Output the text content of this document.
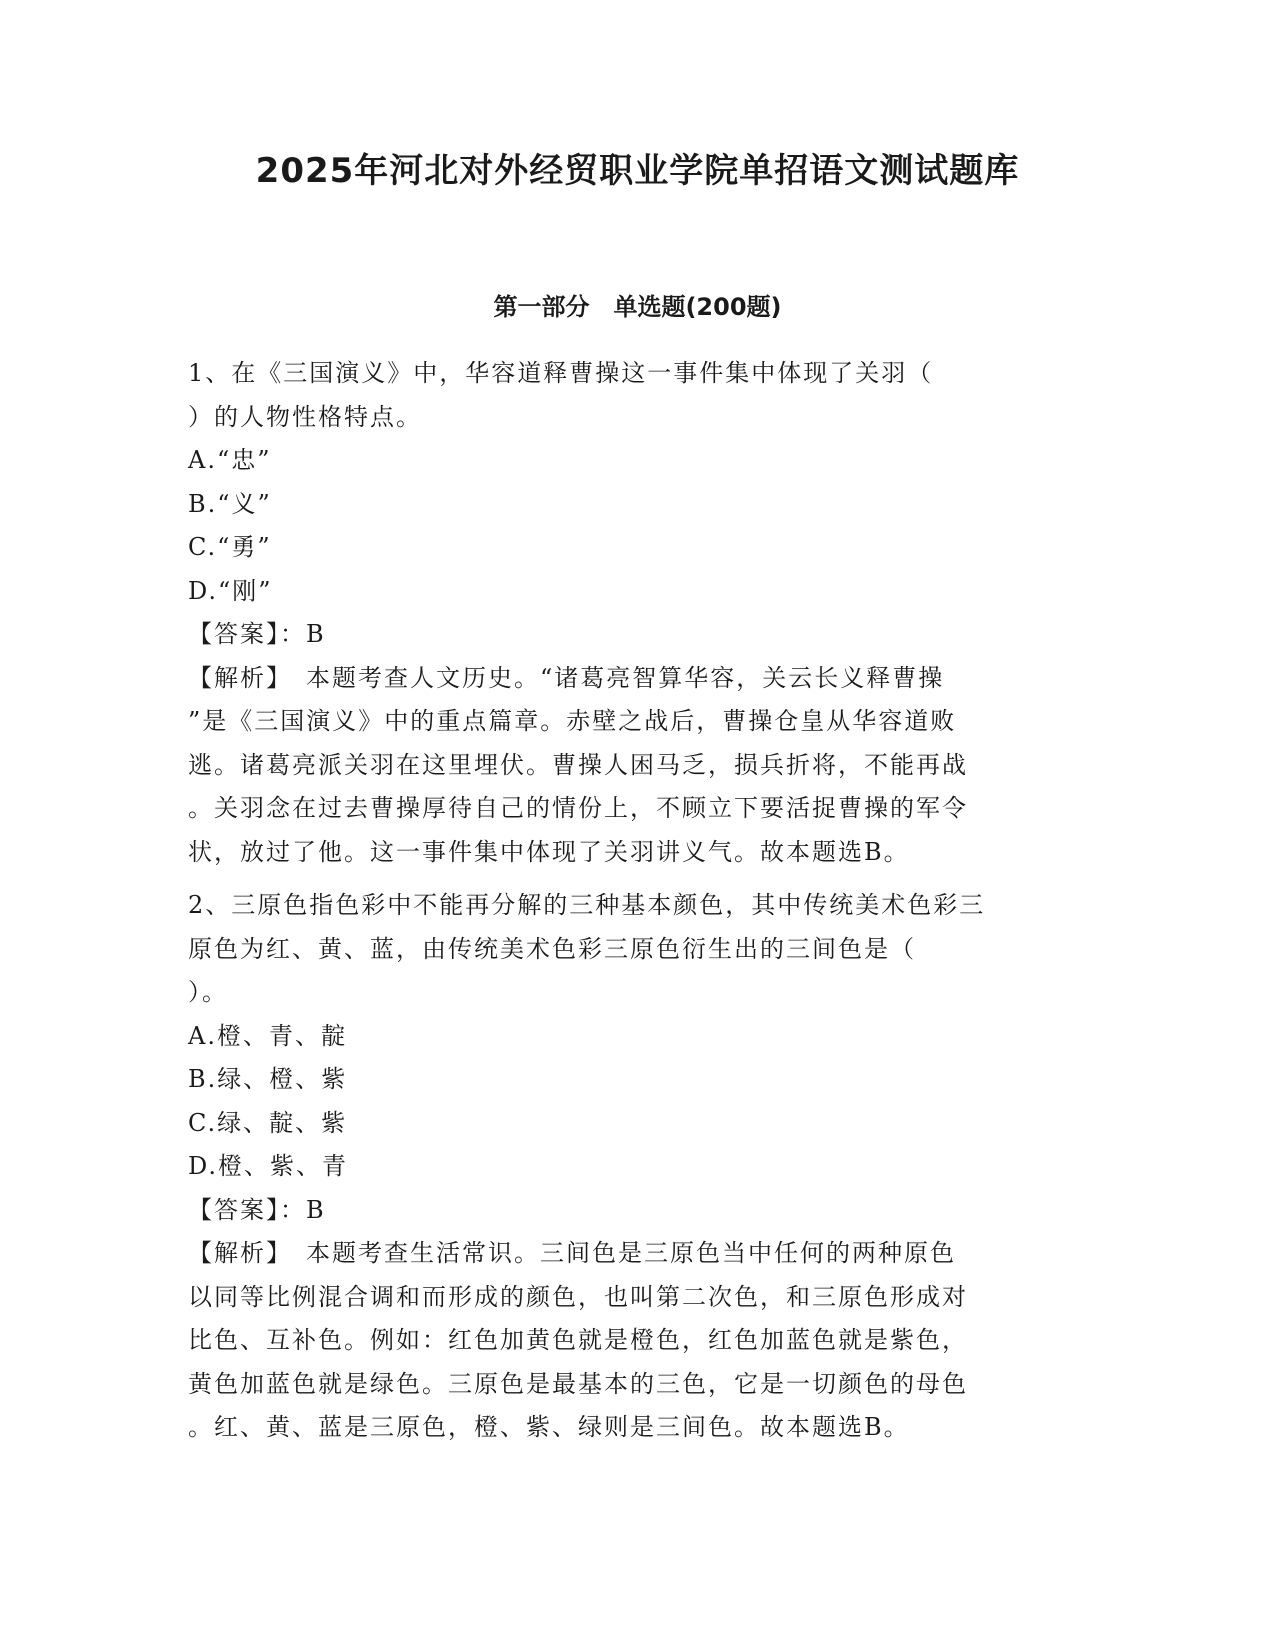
2025年河北对外经贸职业学院单招语文测试题库
第一部分　单选题(200题)
1、在《三国演义》中，华容道释曹操这一事件集中体现了关羽（
）的人物性格特点。
A.“忠”
B.“义”
C.“勇”
D.“刚”
【答案】：B
【解析】　本题考查人文历史。“诸葛亮智算华容，关云长义释曹操
”是《三国演义》中的重点篇章。赤壁之战后，曹操仓皇从华容道败
逃。诸葛亮派关羽在这里埋伏。曹操人困马乏，损兵折将，不能再战
。关羽念在过去曹操厚待自己的情份上，不顾立下要活捉曹操的军令
状，放过了他。这一事件集中体现了关羽讲义气。故本题选B。
2、三原色指色彩中不能再分解的三种基本颜色，其中传统美术色彩三
原色为红、黄、蓝，由传统美术色彩三原色衍生出的三间色是（
）。
A.橙、青、靛
B.绿、橙、紫
C.绿、靛、紫
D.橙、紫、青
【答案】：B
【解析】　本题考查生活常识。三间色是三原色当中任何的两种原色
以同等比例混合调和而形成的颜色，也叫第二次色，和三原色形成对
比色、互补色。例如：红色加黄色就是橙色，红色加蓝色就是紫色，
黄色加蓝色就是绿色。三原色是最基本的三色，它是一切颜色的母色
。红、黄、蓝是三原色，橙、紫、绿则是三间色。故本题选B。
